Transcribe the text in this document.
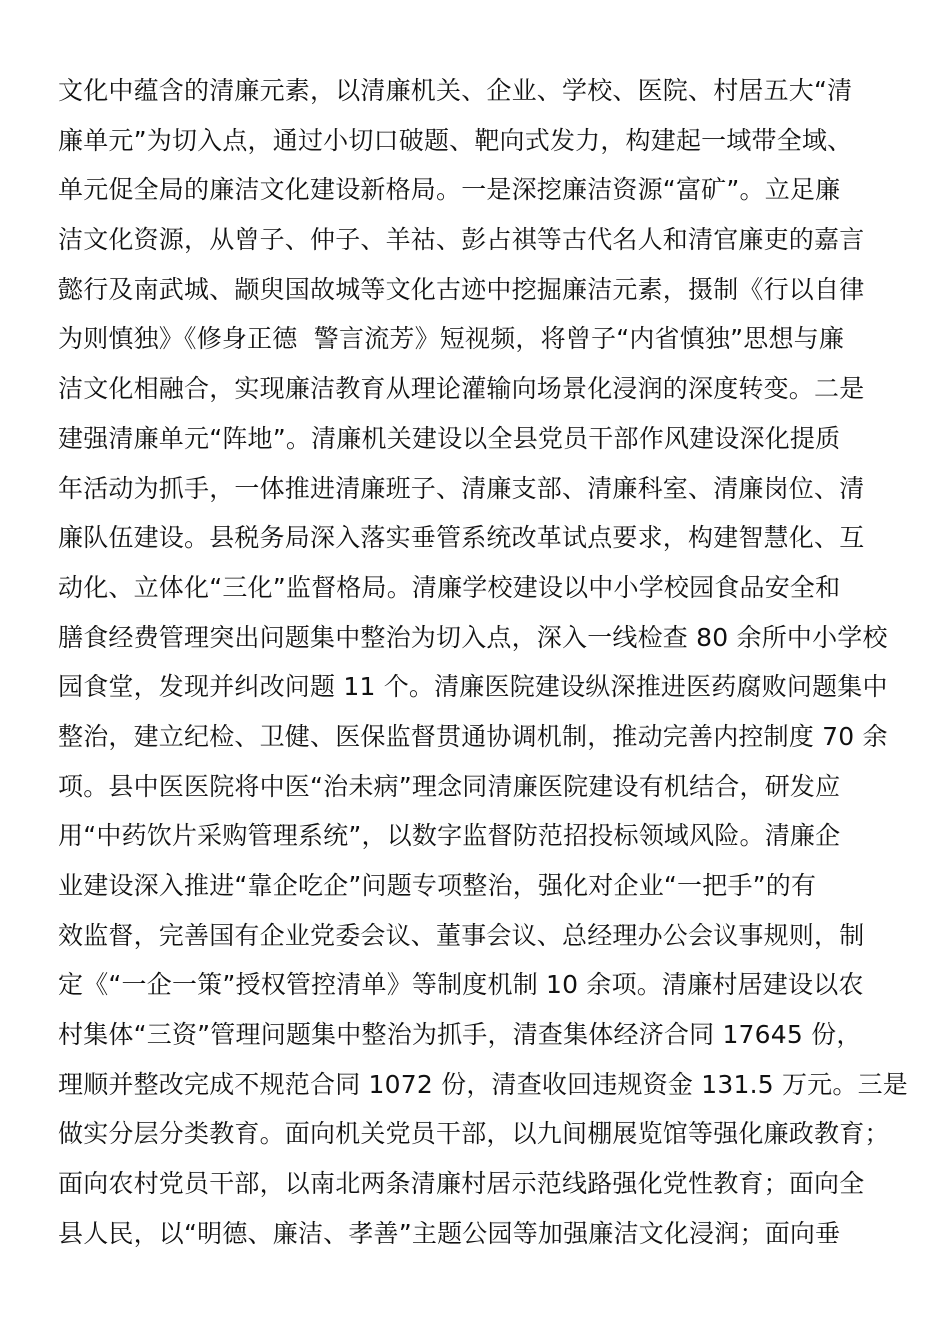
文化中蕴含的清廉元素，以清廉机关、企业、学校、医院、村居五大“清
廉单元”为切入点，通过小切口破题、靶向式发力，构建起一域带全域、
单元促全局的廉洁文化建设新格局。一是深挖廉洁资源“富矿”。立足廉
洁文化资源，从曾子、仲子、羊祜、彭占祺等古代名人和清官廉吏的嘉言
懿行及南武城、颛臾国故城等文化古迹中挖掘廉洁元素，摄制《行以自律
为则慎独》《修身正德  警言流芳》短视频，将曾子“内省慎独”思想与廉
洁文化相融合，实现廉洁教育从理论灌输向场景化浸润的深度转变。二是
建强清廉单元“阵地”。清廉机关建设以全县党员干部作风建设深化提质
年活动为抓手，一体推进清廉班子、清廉支部、清廉科室、清廉岗位、清
廉队伍建设。县税务局深入落实垂管系统改革试点要求，构建智慧化、互
动化、立体化“三化”监督格局。清廉学校建设以中小学校园食品安全和
膳食经费管理突出问题集中整治为切入点，深入一线检查 80 余所中小学校
园食堂，发现并纠改问题 11 个。清廉医院建设纵深推进医药腐败问题集中
整治，建立纪检、卫健、医保监督贯通协调机制，推动完善内控制度 70 余
项。县中医医院将中医“治未病”理念同清廉医院建设有机结合，研发应
用“中药饮片采购管理系统”，以数字监督防范招投标领域风险。清廉企
业建设深入推进“靠企吃企”问题专项整治，强化对企业“一把手”的有
效监督，完善国有企业党委会议、董事会议、总经理办公会议事规则，制
定《“一企一策”授权管控清单》等制度机制 10 余项。清廉村居建设以农
村集体“三资”管理问题集中整治为抓手，清查集体经济合同 17645 份，
理顺并整改完成不规范合同 1072 份，清查收回违规资金 131.5 万元。三是
做实分层分类教育。面向机关党员干部，以九间棚展览馆等强化廉政教育；
面向农村党员干部，以南北两条清廉村居示范线路强化党性教育；面向全
县人民，以“明德、廉洁、孝善”主题公园等加强廉洁文化浸润；面向垂
